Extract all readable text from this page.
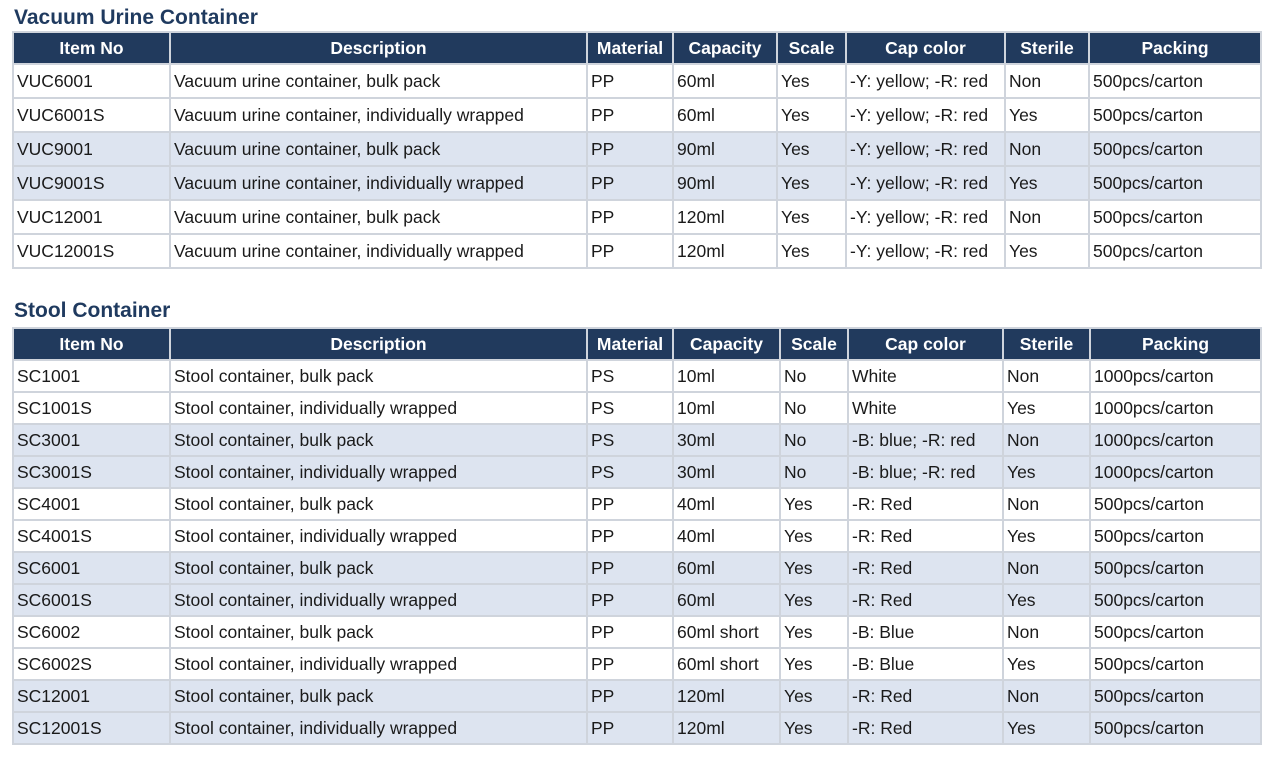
Vacuum Urine Container
Item No	Description	Material	Capacity	Scale	Cap color	Sterile	Packing
VUC6001	Vacuum urine container, bulk pack	PP	60ml	Yes	-Y: yellow; -R: red	Non	500pcs/carton
VUC6001S	Vacuum urine container, individually wrapped	PP	60ml	Yes	-Y: yellow; -R: red	Yes	500pcs/carton
VUC9001	Vacuum urine container, bulk pack	PP	90ml	Yes	-Y: yellow; -R: red	Non	500pcs/carton
VUC9001S	Vacuum urine container, individually wrapped	PP	90ml	Yes	-Y: yellow; -R: red	Yes	500pcs/carton
VUC12001	Vacuum urine container, bulk pack	PP	120ml	Yes	-Y: yellow; -R: red	Non	500pcs/carton
VUC12001S	Vacuum urine container, individually wrapped	PP	120ml	Yes	-Y: yellow; -R: red	Yes	500pcs/carton
Stool Container
Item No	Description	Material	Capacity	Scale	Cap color	Sterile	Packing
SC1001	Stool container, bulk pack	PS	10ml	No	White	Non	1000pcs/carton
SC1001S	Stool container, individually wrapped	PS	10ml	No	White	Yes	1000pcs/carton
SC3001	Stool container, bulk pack	PS	30ml	No	-B: blue; -R: red	Non	1000pcs/carton
SC3001S	Stool container, individually wrapped	PS	30ml	No	-B: blue; -R: red	Yes	1000pcs/carton
SC4001	Stool container, bulk pack	PP	40ml	Yes	-R: Red	Non	500pcs/carton
SC4001S	Stool container, individually wrapped	PP	40ml	Yes	-R: Red	Yes	500pcs/carton
SC6001	Stool container, bulk pack	PP	60ml	Yes	-R: Red	Non	500pcs/carton
SC6001S	Stool container, individually wrapped	PP	60ml	Yes	-R: Red	Yes	500pcs/carton
SC6002	Stool container, bulk pack	PP	60ml short	Yes	-B: Blue	Non	500pcs/carton
SC6002S	Stool container, individually wrapped	PP	60ml short	Yes	-B: Blue	Yes	500pcs/carton
SC12001	Stool container, bulk pack	PP	120ml	Yes	-R: Red	Non	500pcs/carton
SC12001S	Stool container, individually wrapped	PP	120ml	Yes	-R: Red	Yes	500pcs/carton
